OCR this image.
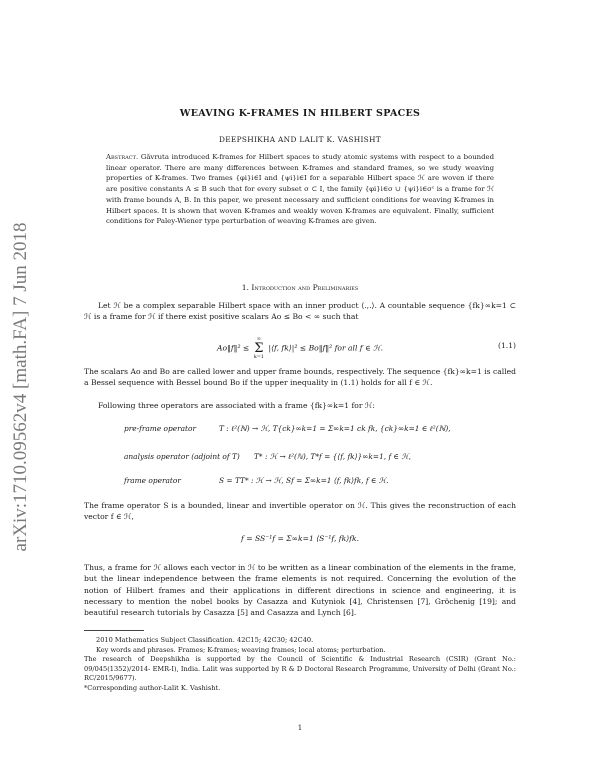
arXiv:1710.09562v4 [math.FA] 7 Jun 2018
WEAVING K-FRAMES IN HILBERT SPACES
DEEPSHIKHA AND LALIT K. VASHISHT
Abstract. Găvruta introduced K-frames for Hilbert spaces to study atomic systems with respect to a bounded linear operator. There are many differences between K-frames and standard frames, so we study weaving properties of K-frames. Two frames {φi}i∈I and {ψi}i∈I for a separable Hilbert space ℋ are woven if there are positive constants A ≤ B such that for every subset σ ⊂ I, the family {φi}i∈σ ∪ {ψi}i∈σᶜ is a frame for ℋ with frame bounds A, B. In this paper, we present necessary and sufficient conditions for weaving K-frames in Hilbert spaces. It is shown that woven K-frames and weakly woven K-frames are equivalent. Finally, sufficient conditions for Paley-Wiener type perturbation of weaving K-frames are given.
1. Introduction and Preliminaries
Let ℋ be a complex separable Hilbert space with an inner product ⟨.,.⟩. A countable sequence {fk}∞k=1 ⊂ ℋ is a frame for ℋ if there exist positive scalars Ao ≤ Bo < ∞ such that
Ao‖f‖² ≤
∞
Σ
k=1
|⟨f, fk⟩|² ≤ Bo‖f‖² for all f ∈ ℋ.	(1.1)
The scalars Ao and Bo are called lower and upper frame bounds, respectively. The sequence {fk}∞k=1 is called a Bessel sequence with Bessel bound Bo if the upper inequality in (1.1) holds for all f ∈ ℋ.
Following three operators are associated with a frame {fk}∞k=1 for ℋ:
pre-frame operator	T : ℓ²(ℕ) → ℋ, T{ck}∞k=1 = Σ∞k=1 ck fk, {ck}∞k=1 ∈ ℓ²(ℕ),
analysis operator (adjoint of T) T* : ℋ → ℓ²(ℕ), T*f = {⟨f, fk⟩}∞k=1, f ∈ ℋ,
frame operator	S = TT* : ℋ → ℋ, Sf = Σ∞k=1 ⟨f, fk⟩fk, f ∈ ℋ.
The frame operator S is a bounded, linear and invertible operator on ℋ. This gives the reconstruction of each vector f ∈ ℋ,
f = SS⁻¹f = Σ∞k=1 ⟨S⁻¹f, fk⟩fk.
Thus, a frame for ℋ allows each vector in ℋ to be written as a linear combination of the elements in the frame, but the linear independence between the frame elements is not required. Concerning the evolution of the notion of Hilbert frames and their applications in different directions in science and engineering, it is necessary to mention the nobel books by Casazza and Kutyniok [4], Christensen [7], Gröchenig [19]; and beautiful research tutorials by Casazza [5] and Casazza and Lynch [6].
2010 Mathematics Subject Classification. 42C15; 42C30; 42C40.
Key words and phrases. Frames; K-frames; weaving frames; local atoms; perturbation.
The research of Deepshikha is supported by the Council of Scientific & Industrial Research (CSIR) (Grant No.: 09/045(1352)/2014- EMR-I), India. Lalit was supported by R & D Doctoral Research Programme, University of Delhi (Grant No.: RC/2015/9677).
*Corresponding author-Lalit K. Vashisht.
1
